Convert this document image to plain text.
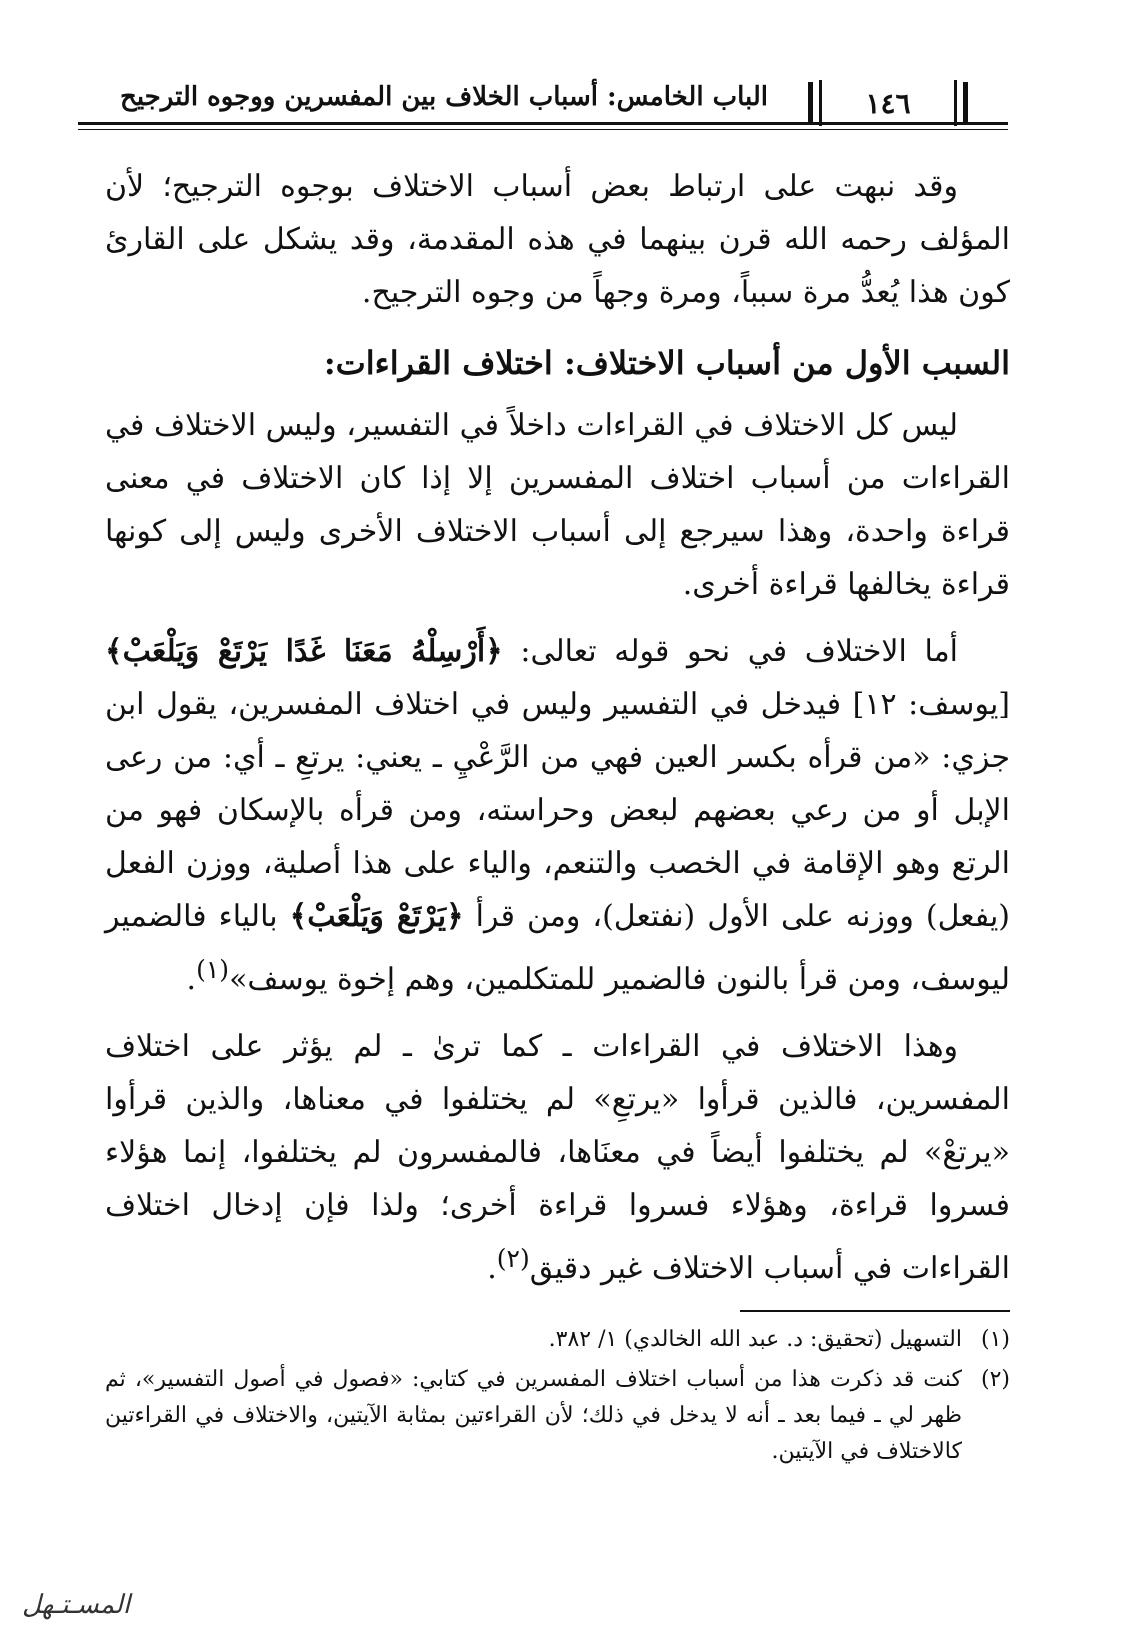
الباب الخامس: أسباب الخلاف بين المفسرين ووجوه الترجيح	١٤٦

وقد نبهت على ارتباط بعض أسباب الاختلاف بوجوه الترجيح؛ لأن المؤلف رحمه الله قرن بينهما في هذه المقدمة، وقد يشكل على القارئ كون هذا يُعدُّ مرة سبباً، ومرة وجهاً من وجوه الترجيح.

السبب الأول من أسباب الاختلاف: اختلاف القراءات:

ليس كل الاختلاف في القراءات داخلاً في التفسير، وليس الاختلاف في القراءات من أسباب اختلاف المفسرين إلا إذا كان الاختلاف في معنى قراءة واحدة، وهذا سيرجع إلى أسباب الاختلاف الأخرى وليس إلى كونها قراءة يخالفها قراءة أخرى.

أما الاختلاف في نحو قوله تعالى: ﴿أَرْسِلْهُ مَعَنَا غَدًا يَرْتَعْ وَيَلْعَبْ﴾ [يوسف: ١٢] فيدخل في التفسير وليس في اختلاف المفسرين، يقول ابن جزي: «من قرأه بكسر العين فهي من الرَّعْيِ ـ يعني: يرتعِ ـ أي: من رعى الإبل أو من رعي بعضهم لبعض وحراسته، ومن قرأه بالإسكان فهو من الرتع وهو الإقامة في الخصب والتنعم، والياء على هذا أصلية، ووزن الفعل (يفعل) ووزنه على الأول (نفتعل)، ومن قرأ ﴿يَرْتَعْ وَيَلْعَبْ﴾ بالياء فالضمير ليوسف، ومن قرأ بالنون فالضمير للمتكلمين، وهم إخوة يوسف»$^{(١)}$.

وهذا الاختلاف في القراءات ـ كما ترىٰ ـ لم يؤثر على اختلاف المفسرين، فالذين قرأوا «يرتعِ» لم يختلفوا في معناها، والذين قرأوا «يرتعْ» لم يختلفوا أيضاً في معنَاها، فالمفسرون لم يختلفوا، إنما هؤلاء فسروا قراءة، وهؤلاء فسروا قراءة أخرى؛ ولذا فإن إدخال اختلاف القراءات في أسباب الاختلاف غير دقيق$^{(٢)}$.

(١)
التسهيل (تحقيق: د. عبد الله الخالدي) ١/ ٣٨٢.
(٢)
كنت قد ذكرت هذا من أسباب اختلاف المفسرين في كتابي: «فصول في أصول التفسير»، ثم ظهر لي ـ فيما بعد ـ أنه لا يدخل في ذلك؛ لأن القراءتين بمثابة الآيتين، والاختلاف في القراءتين كالاختلاف في الآيتين.
المسـتـهل
